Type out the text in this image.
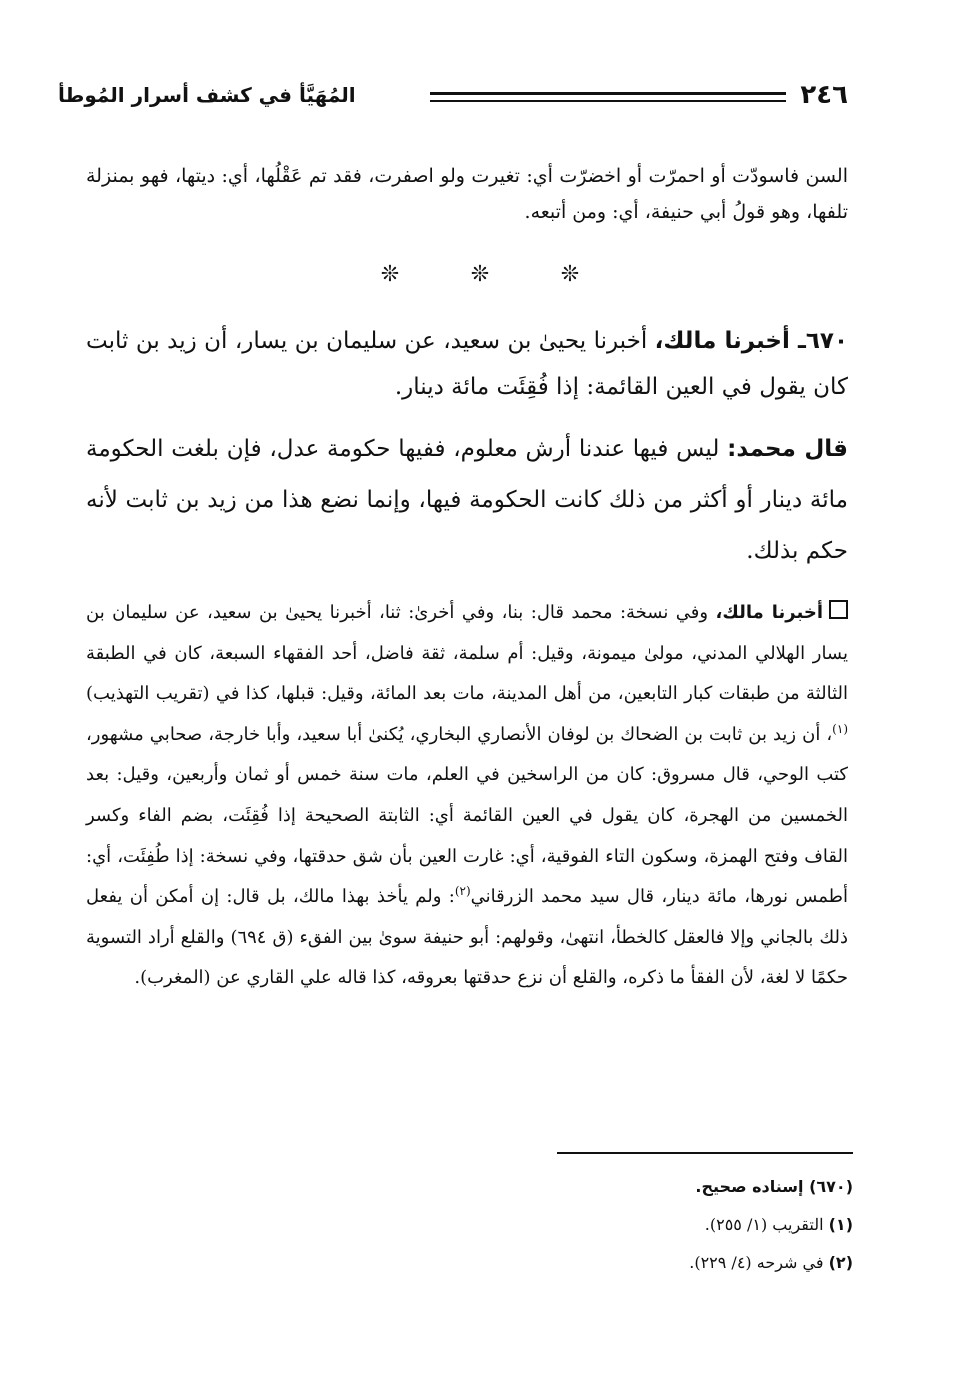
٢٤٦
المُهَيَّأ في كشف أسرار المُوطأ

السن فاسودّت أو احمرّت أو اخضرّت أي: تغيرت ولو اصفرت، فقد تم عَقْلُها، أي: ديتها، فهو بمنزلة تلفها، وهو قولُ أبي حنيفة، أي: ومن أتبعه.

❊	❊	❊

٦٧٠ـ أخبرنا مالك، أخبرنا يحيىٰ بن سعيد، عن سليمان بن يسار، أن زيد بن ثابت كان يقول في العين القائمة: إذا فُقِئَت مائة دينار.

قال محمد: ليس فيها عندنا أرش معلوم، ففيها حكومة عدل، فإن بلغت الحكومة مائة دينار أو أكثر من ذلك كانت الحكومة فيها، وإنما نضع هذا من زيد بن ثابت لأنه حكم بذلك.

أخبرنا مالك، وفي نسخة: محمد قال: بنا، وفي أخرىٰ: ثنا، أخبرنا يحيىٰ بن سعيد، عن سليمان بن يسار الهلالي المدني، مولىٰ ميمونة، وقيل: أم سلمة، ثقة فاضل، أحد الفقهاء السبعة، كان في الطبقة الثالثة من طبقات كبار التابعين، من أهل المدينة، مات بعد المائة، وقيل: قبلها، كذا في (تقريب التهذيب)$^{(١)}$، أن زيد بن ثابت بن الضحاك بن لوفان الأنصاري البخاري، يُكنىٰ أبا سعيد، وأبا خارجة، صحابي مشهور، كتب الوحي، قال مسروق: كان من الراسخين في العلم، مات سنة خمس أو ثمان وأربعين، وقيل: بعد الخمسين من الهجرة، كان يقول في العين القائمة أي: الثابتة الصحيحة إذا فُقِئَت، بضم الفاء وكسر القاف وفتح الهمزة، وسكون التاء الفوقية، أي: غارت العين بأن شق حدقتها، وفي نسخة: إذا طُفِئَت، أي: أطمس نورها، مائة دينار، قال سيد محمد الزرقاني$^{(٢)}$: ولم يأخذ بهذا مالك، بل قال: إن أمكن أن يفعل ذلك بالجاني وإلا فالعقل كالخطأ، انتهىٰ، وقولهم: أبو حنيفة سوىٰ بين الفقء (ق ٦٩٤) والقلع أراد التسوية حكمًا لا لغة، لأن الفقأ ما ذكره، والقلع أن نزع حدقتها بعروقه، كذا قاله علي القاري عن (المغرب).

(٦٧٠) إسناده صحيح.
(١) التقريب (١/ ٢٥٥).
(٢) في شرحه (٤/ ٢٢٩).
